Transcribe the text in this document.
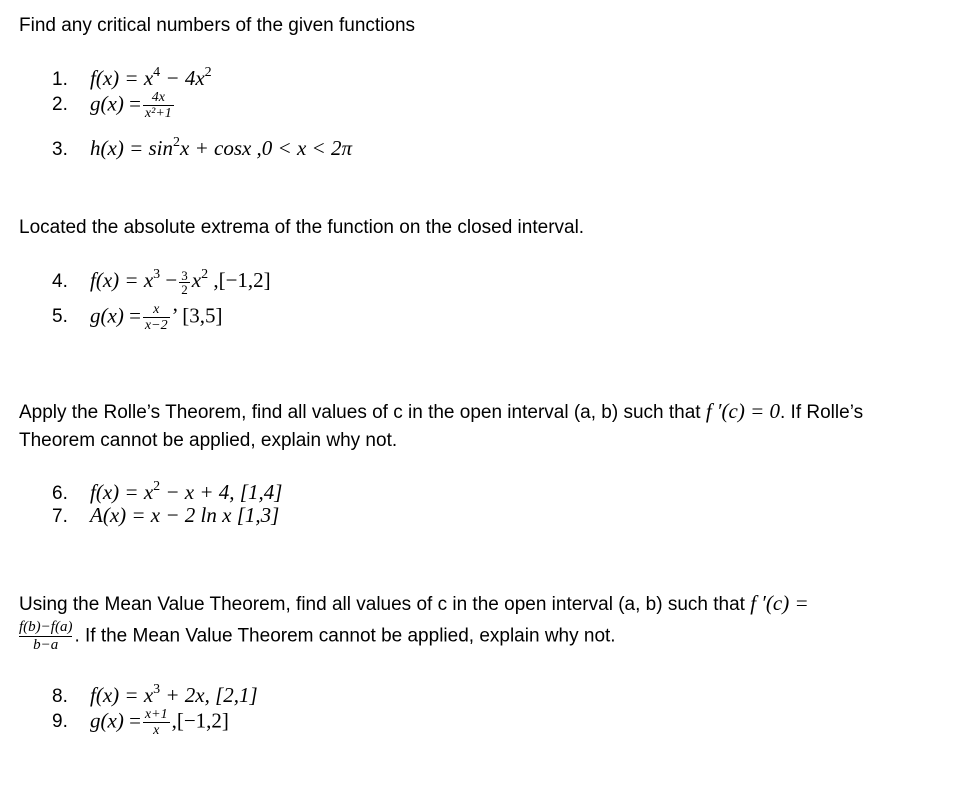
Find any critical numbers of the given functions
1. $f(x) = x^4 - 4x^2$
2. $g(x) = \frac{4x}{\text{x²+1}}$
3. $h(x) = \sin^2x + \cos x$ ,0 < x < 2π
Located the absolute extrema of the function on the closed interval.
4. $f(x) = x^3 - \frac{3}{2} x^2$ ,[−1,2]
5. $g(x) = \frac{x}{x-2}$ ’ [3,5]
Apply the Rolle’s Theorem, find all values of c in the open interval (a, b) such that f ′(c) = 0. If Rolle’s
Theorem cannot be applied, explain why not.
6. $f(x) = x^2 - x + 4$, [1,4]
7. A(x) = x − 2 ln x [1,3]
Using the Mean Value Theorem, find all values of c in the open interval (a, b) such that f ′(c) =
$\frac{f(b)-f(a)}{b-a}$ . If the Mean Value Theorem cannot be applied, explain why not.
8. $f(x) = x^3 + 2x$, [2,1]
9. $g(x) = \frac{x+1}{x} ,[-1,2]$
